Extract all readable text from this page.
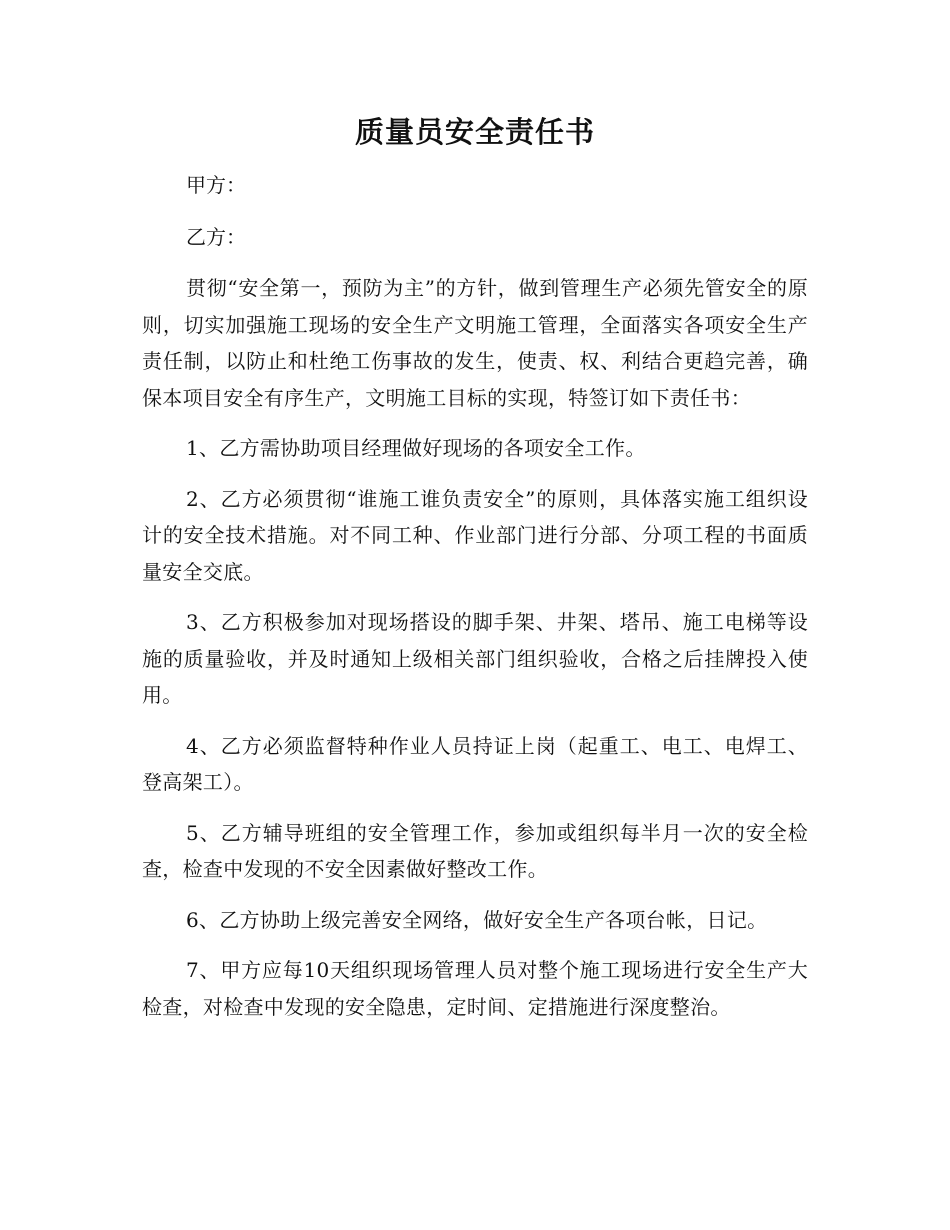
质量员安全责任书

甲方：

乙方：

贯彻“安全第一，预防为主”的方针，做到管理生产必须先管安全的原则，切实加强施工现场的安全生产文明施工管理，全面落实各项安全生产责任制，以防止和杜绝工伤事故的发生，使责、权、利结合更趋完善，确保本项目安全有序生产，文明施工目标的实现，特签订如下责任书：

1、乙方需协助项目经理做好现场的各项安全工作。

2、乙方必须贯彻“谁施工谁负责安全”的原则，具体落实施工组织设计的安全技术措施。对不同工种、作业部门进行分部、分项工程的书面质量安全交底。

3、乙方积极参加对现场搭设的脚手架、井架、塔吊、施工电梯等设施的质量验收，并及时通知上级相关部门组织验收，合格之后挂牌投入使用。

4、乙方必须监督特种作业人员持证上岗（起重工、电工、电焊工、登高架工）。

5、乙方辅导班组的安全管理工作，参加或组织每半月一次的安全检查，检查中发现的不安全因素做好整改工作。

6、乙方协助上级完善安全网络，做好安全生产各项台帐，日记。

7、甲方应每10天组织现场管理人员对整个施工现场进行安全生产大检查，对检查中发现的安全隐患，定时间、定措施进行深度整治。
